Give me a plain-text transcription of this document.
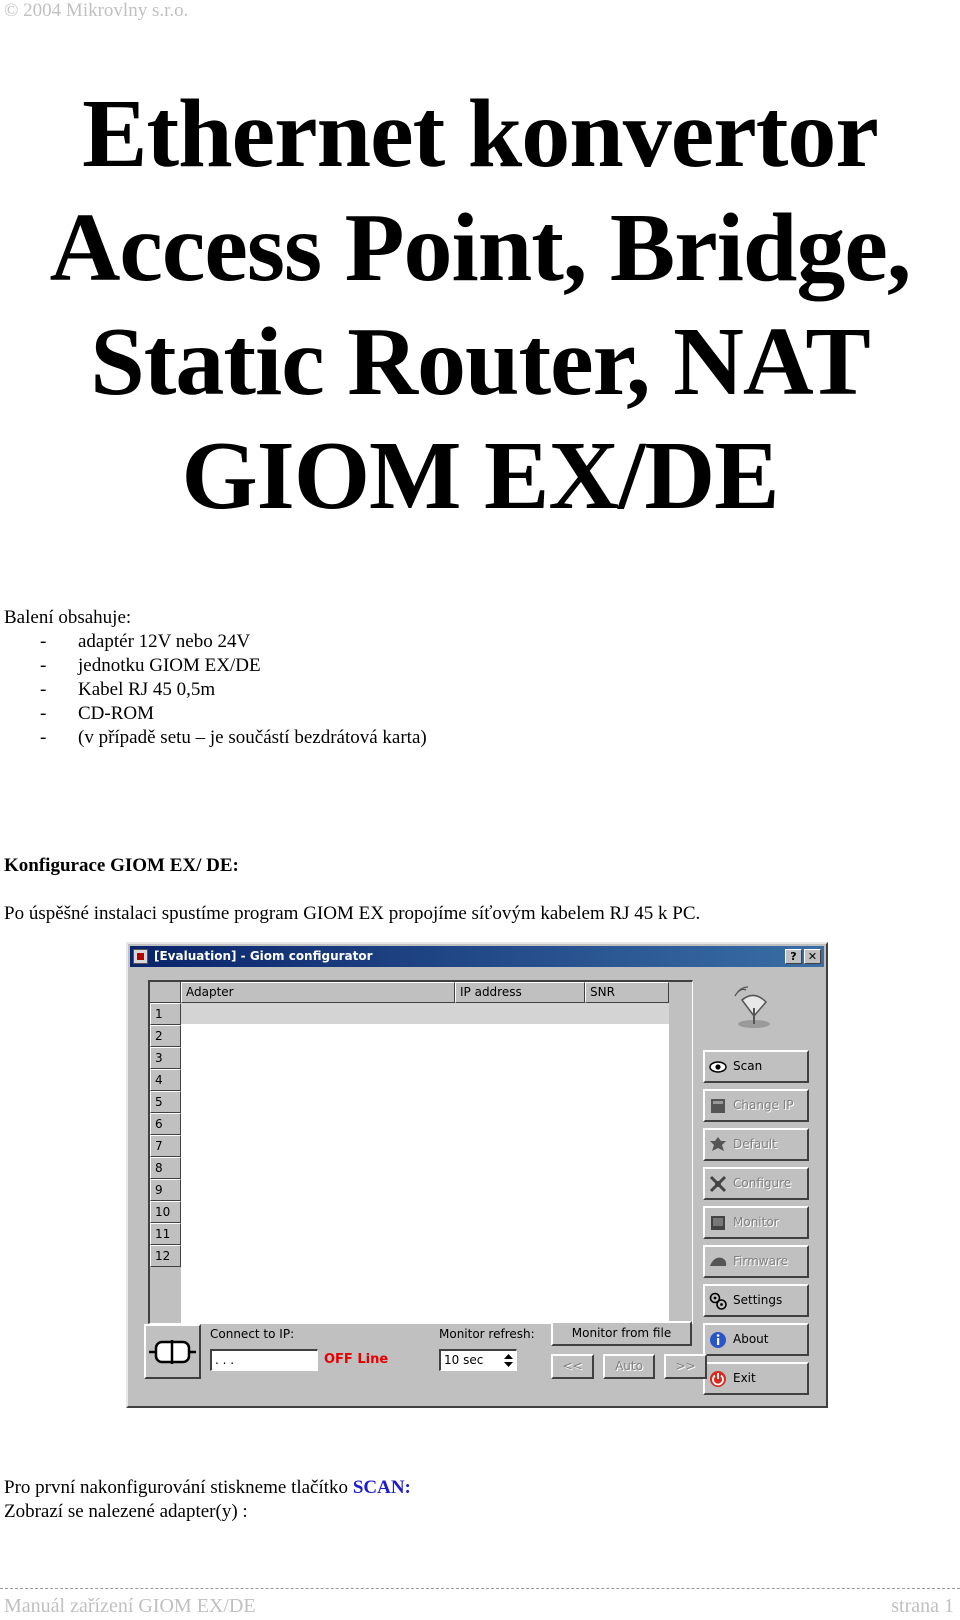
© 2004 Mikrovlny s.r.o.
Ethernet konvertor
Access Point, Bridge,
Static Router, NAT
GIOM EX/DE
Balení obsahuje:
- adaptér 12V nebo 24V
- jednotku GIOM EX/DE
- Kabel RJ 45 0,5m
- CD-ROM
- (v případě setu – je součástí bezdrátová karta)
Konfigurace GIOM EX/ DE:
Po úspěšné instalaci spustíme program GIOM EX propojíme síťovým kabelem RJ 45 k PC.
[Evaluation] - Giom configurator	?	✕
Adapter	IP address	SNR
1
2
3
4
5
6
7
8
9
10
11
12
Scan
Change IP
Default
Configure
Monitor
Firmware
Settings
About
Exit
Connect to IP:
. . .	OFF Line
Monitor refresh:
10 sec
Monitor from file
<<	Auto	>>
Pro první nakonfigurování stiskneme tlačítko SCAN:
Zobrazí se nalezené adapter(y) :
Manuál zařízení GIOM EX/DE	strana 1
